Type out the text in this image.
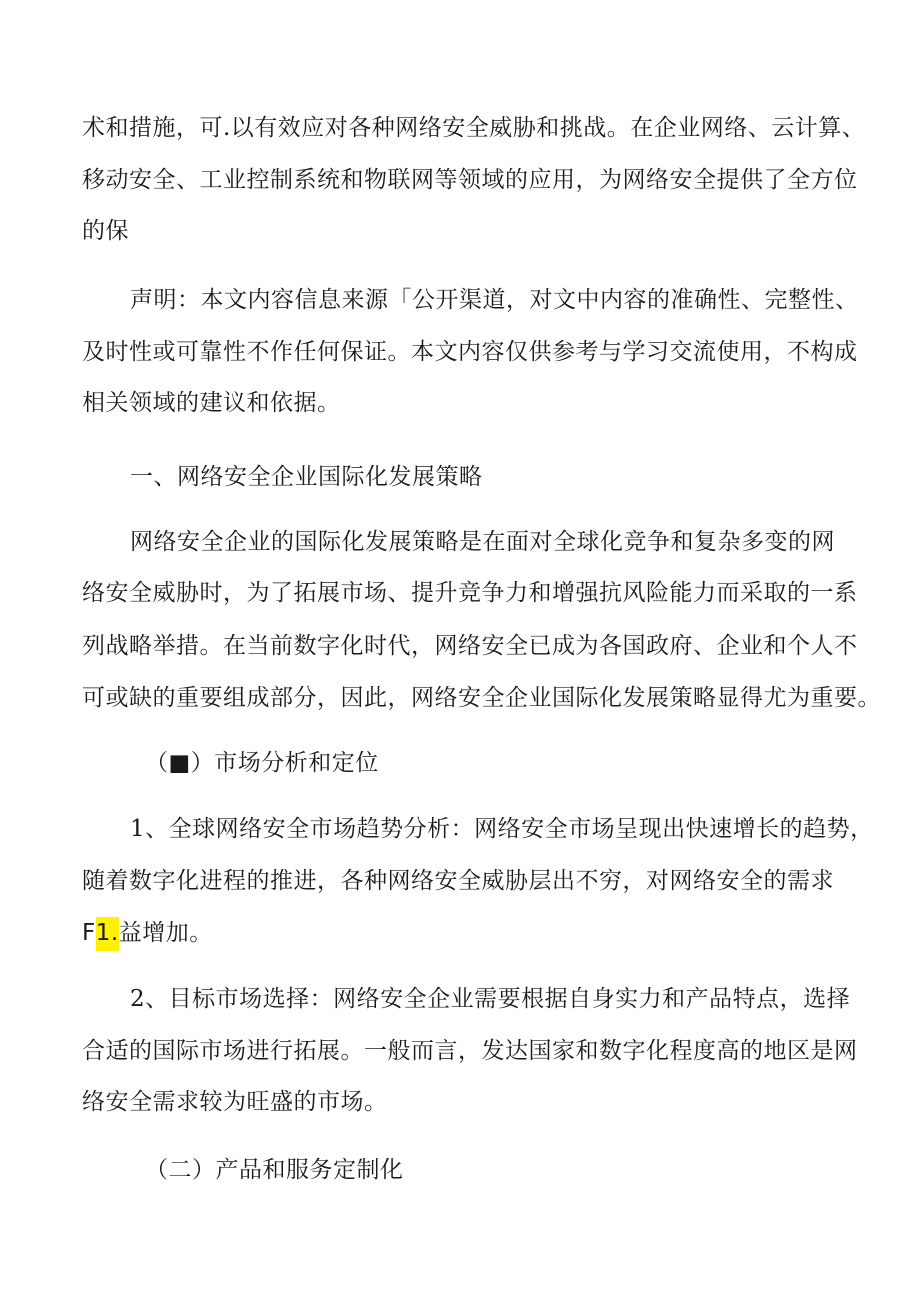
术和措施，可.以有效应对各种网络安全威胁和挑战。在企业网络、云计算、
移动安全、工业控制系统和物联网等领域的应用，为网络安全提供了全方位
的保
声明：本文内容信息来源「公开渠道，对文中内容的准确性、完整性、
及时性或可靠性不作任何保证。本文内容仅供参考与学习交流使用，不构成
相关领域的建议和依据。
一、网络安全企业国际化发展策略
网络安全企业的国际化发展策略是在面对全球化竞争和复杂多变的网
络安全威胁时，为了拓展市场、提升竞争力和增强抗风险能力而采取的一系
列战略举措。在当前数字化时代，网络安全已成为各国政府、企业和个人不
可或缺的重要组成部分，因此，网络安全企业国际化发展策略显得尤为重要。
（■）市场分析和定位
1、全球网络安全市场趋势分析：网络安全市场呈现出快速增长的趋势，
随着数字化进程的推进，各种网络安全威胁层出不穷，对网络安全的需求
F1.益增加。
2、目标市场选择：网络安全企业需要根据自身实力和产品特点，选择
合适的国际市场进行拓展。一般而言，发达国家和数字化程度高的地区是网
络安全需求较为旺盛的市场。
（二）产品和服务定制化
